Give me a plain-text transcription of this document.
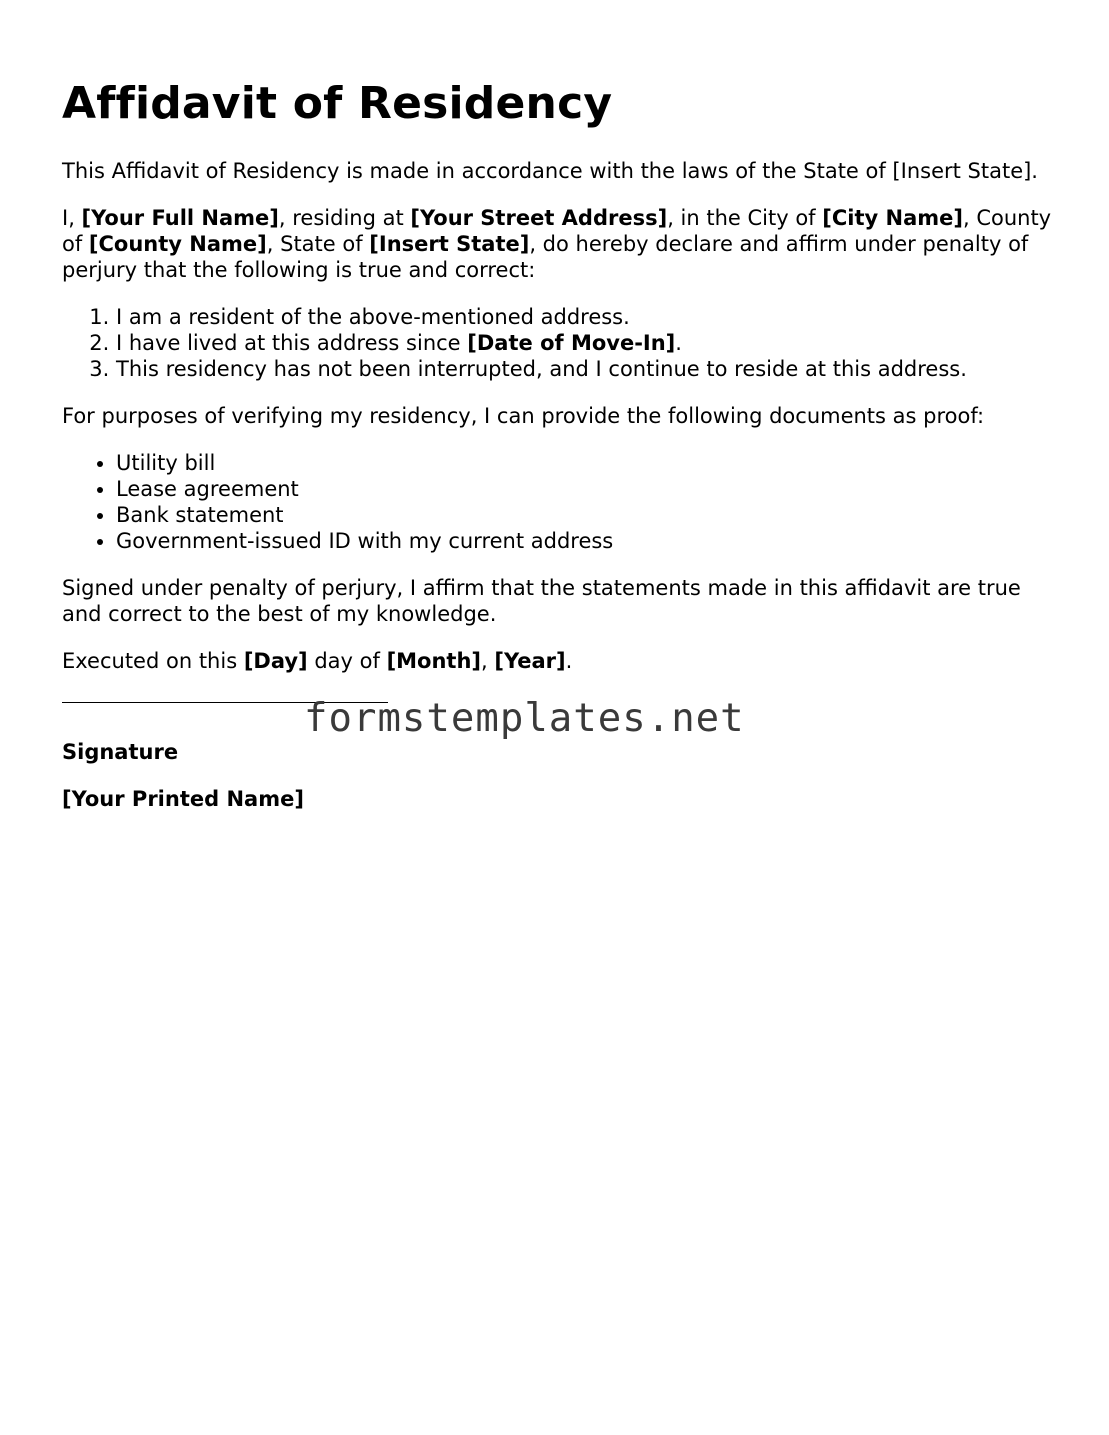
Affidavit of Residency

This Affidavit of Residency is made in accordance with the laws of the State of [Insert State].

I, [Your Full Name], residing at [Your Street Address], in the City of [City Name], County of [County Name], State of [Insert State], do hereby declare and affirm under penalty of perjury that the following is true and correct:

1. I am a resident of the above-mentioned address.
2. I have lived at this address since [Date of Move-In].
3. This residency has not been interrupted, and I continue to reside at this address.

For purposes of verifying my residency, I can provide the following documents as proof:

• Utility bill
• Lease agreement
• Bank statement
• Government-issued ID with my current address

Signed under penalty of perjury, I affirm that the statements made in this affidavit are true and correct to the best of my knowledge.

Executed on this [Day] day of [Month], [Year].

Signature

[Your Printed Name]

formstemplates.net
